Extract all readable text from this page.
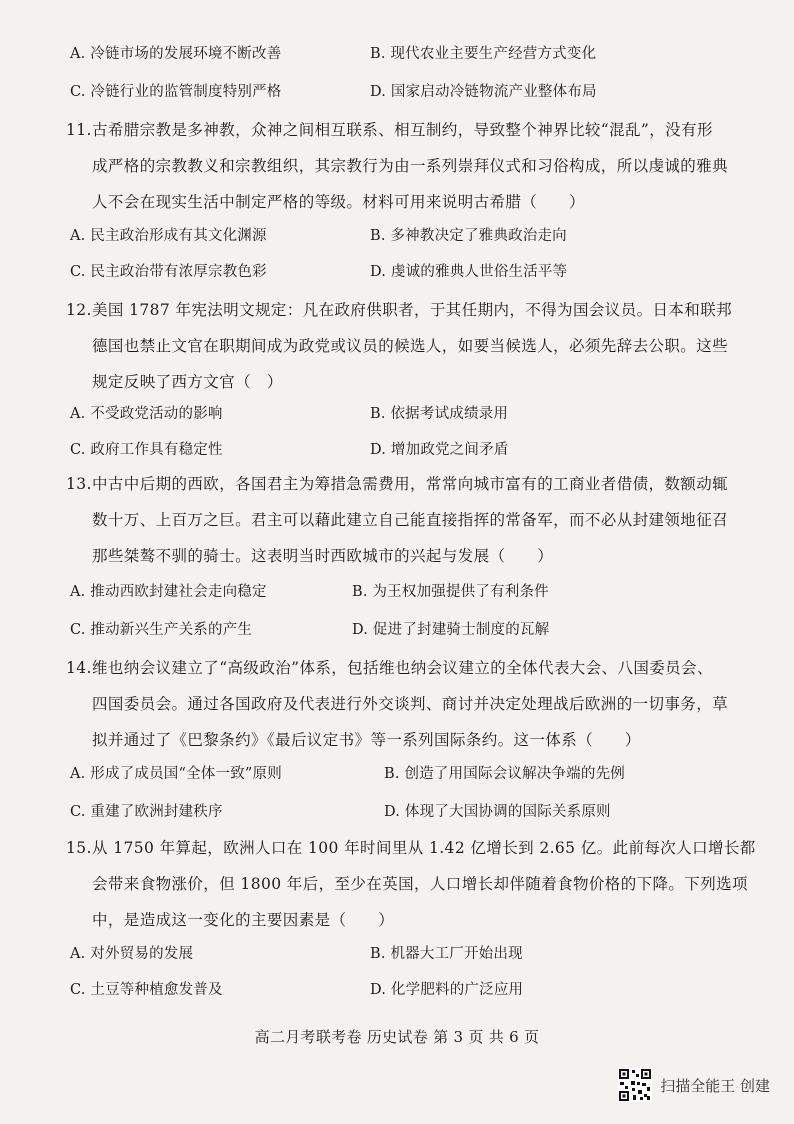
A. 冷链市场的发展环境不断改善	B. 现代农业主要生产经营方式变化
C. 冷链行业的监管制度特别严格	D. 国家启动冷链物流产业整体布局
11. 古希腊宗教是多神教，众神之间相互联系、相互制约，导致整个神界比较“混乱”，没有形
成严格的宗教教义和宗教组织，其宗教行为由一系列崇拜仪式和习俗构成，所以虔诚的雅典
人不会在现实生活中制定严格的等级。材料可用来说明古希腊（　　）
A. 民主政治形成有其文化渊源	B. 多神教决定了雅典政治走向
C. 民主政治带有浓厚宗教色彩	D. 虔诚的雅典人世俗生活平等
12. 美国 1787 年宪法明文规定：凡在政府供职者，于其任期内，不得为国会议员。日本和联邦
德国也禁止文官在职期间成为政党或议员的候选人，如要当候选人，必须先辞去公职。这些
规定反映了西方文官（　）
A. 不受政党活动的影响	B. 依据考试成绩录用
C. 政府工作具有稳定性	D. 增加政党之间矛盾
13. 中古中后期的西欧，各国君主为筹措急需费用，常常向城市富有的工商业者借债，数额动辄
数十万、上百万之巨。君主可以藉此建立自己能直接指挥的常备军，而不必从封建领地征召
那些桀骜不驯的骑士。这表明当时西欧城市的兴起与发展（　　）
A. 推动西欧封建社会走向稳定	B. 为王权加强提供了有利条件
C. 推动新兴生产关系的产生	D. 促进了封建骑士制度的瓦解
14. 维也纳会议建立了“高级政治”体系，包括维也纳会议建立的全体代表大会、八国委员会、
四国委员会。通过各国政府及代表进行外交谈判、商讨并决定处理战后欧洲的一切事务，草
拟并通过了《巴黎条约》《最后议定书》等一系列国际条约。这一体系（　　）
A. 形成了成员国“全体一致”原则	B. 创造了用国际会议解决争端的先例
C. 重建了欧洲封建秩序	D. 体现了大国协调的国际关系原则
15. 从 1750 年算起，欧洲人口在 100 年时间里从 1.42 亿增长到 2.65 亿。此前每次人口增长都
会带来食物涨价，但 1800 年后，至少在英国，人口增长却伴随着食物价格的下降。下列选项
中，是造成这一变化的主要因素是（　　）
A. 对外贸易的发展	B. 机器大工厂开始出现
C. 土豆等种植愈发普及	D. 化学肥料的广泛应用
高二月考联考卷 历史试卷 第 3 页 共 6 页
扫描全能王 创建
